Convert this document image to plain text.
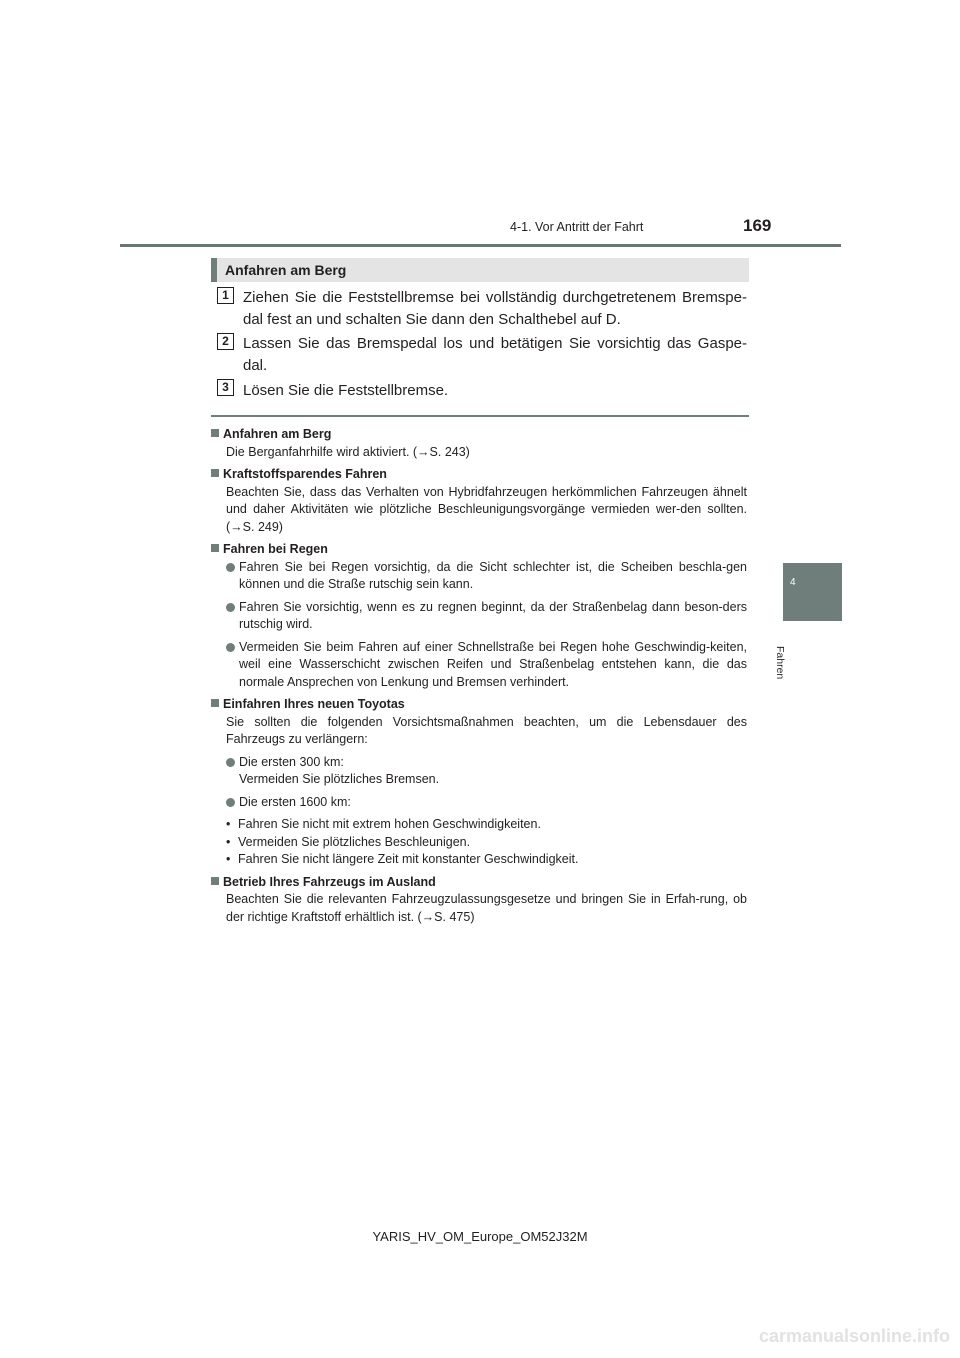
4-1. Vor Antritt der Fahrt	169
4
Fahren
Anfahren am Berg
1 Ziehen Sie die Feststellbremse bei vollständig durchgetretenem Bremspe-dal fest an und schalten Sie dann den Schalthebel auf D.
2 Lassen Sie das Bremspedal los und betätigen Sie vorsichtig das Gaspe-dal.
3 Lösen Sie die Feststellbremse.

Anfahren am Berg

Die Berganfahrhilfe wird aktiviert. (→S. 243)

Kraftstoffsparendes Fahren

Beachten Sie, dass das Verhalten von Hybridfahrzeugen herkömmlichen Fahrzeugen ähnelt und daher Aktivitäten wie plötzliche Beschleunigungsvorgänge vermieden wer-den sollten. (→S. 249)

Fahren bei Regen

Fahren Sie bei Regen vorsichtig, da die Sicht schlechter ist, die Scheiben beschla-gen können und die Straße rutschig sein kann.
Fahren Sie vorsichtig, wenn es zu regnen beginnt, da der Straßenbelag dann beson-ders rutschig wird.
Vermeiden Sie beim Fahren auf einer Schnellstraße bei Regen hohe Geschwindig-keiten, weil eine Wasserschicht zwischen Reifen und Straßenbelag entstehen kann, die das normale Ansprechen von Lenkung und Bremsen verhindert.

Einfahren Ihres neuen Toyotas

Sie sollten die folgenden Vorsichtsmaßnahmen beachten, um die Lebensdauer des Fahrzeugs zu verlängern:

Die ersten 300 km:
Vermeiden Sie plötzliches Bremsen.
Die ersten 1600 km:
• Fahren Sie nicht mit extrem hohen Geschwindigkeiten.
• Vermeiden Sie plötzliches Beschleunigen.
• Fahren Sie nicht längere Zeit mit konstanter Geschwindigkeit.

Betrieb Ihres Fahrzeugs im Ausland

Beachten Sie die relevanten Fahrzeugzulassungsgesetze und bringen Sie in Erfah-rung, ob der richtige Kraftstoff erhältlich ist. (→S. 475)

YARIS_HV_OM_Europe_OM52J32M
carmanualsonline.info
